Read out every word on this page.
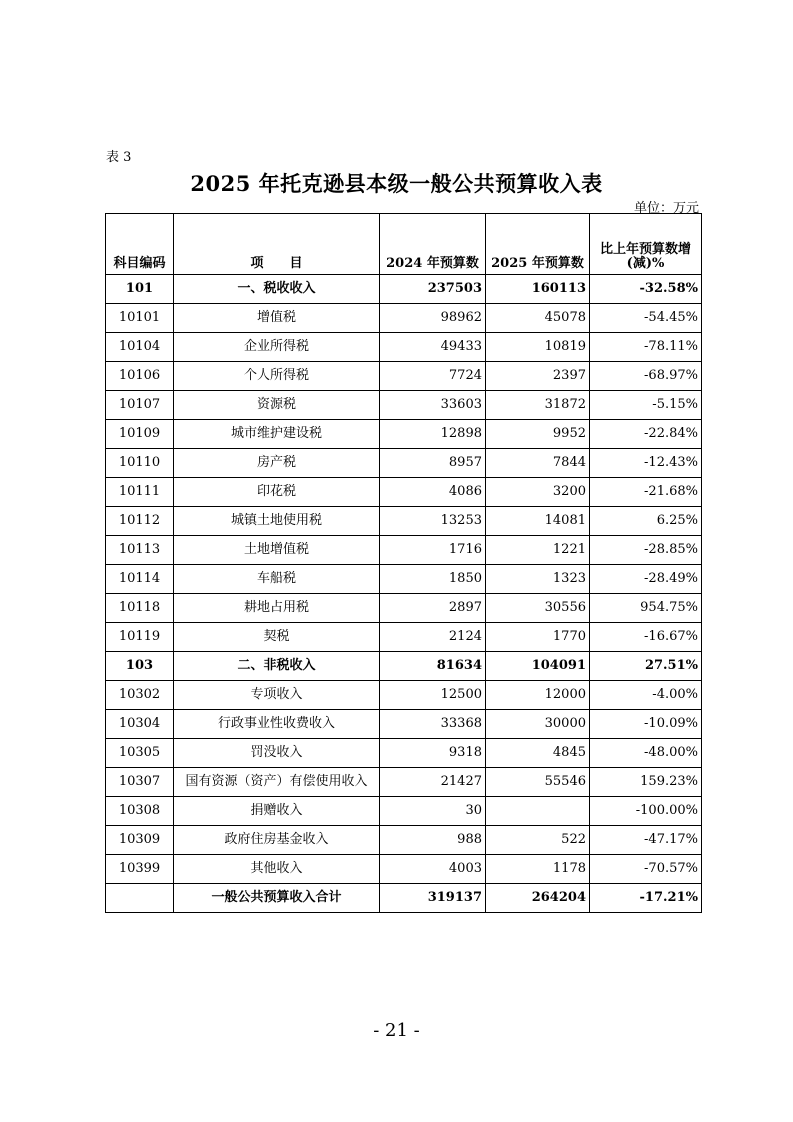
表 3
2025 年托克逊县本级一般公共预算收入表
单位：万元
科目编码	项　　目	2024 年预算数	2025 年预算数	比上年预算数增(减)%
101	一、税收收入	237503	160113	-32.58%
10101	增值税	98962	45078	-54.45%
10104	企业所得税	49433	10819	-78.11%
10106	个人所得税	7724	2397	-68.97%
10107	资源税	33603	31872	-5.15%
10109	城市维护建设税	12898	9952	-22.84%
10110	房产税	8957	7844	-12.43%
10111	印花税	4086	3200	-21.68%
10112	城镇土地使用税	13253	14081	6.25%
10113	土地增值税	1716	1221	-28.85%
10114	车船税	1850	1323	-28.49%
10118	耕地占用税	2897	30556	954.75%
10119	契税	2124	1770	-16.67%
103	二、非税收入	81634	104091	27.51%
10302	专项收入	12500	12000	-4.00%
10304	行政事业性收费收入	33368	30000	-10.09%
10305	罚没收入	9318	4845	-48.00%
10307	国有资源（资产）有偿使用收入	21427	55546	159.23%
10308	捐赠收入	30		-100.00%
10309	政府住房基金收入	988	522	-47.17%
10399	其他收入	4003	1178	-70.57%
	一般公共预算收入合计	319137	264204	-17.21%
- 21 -
